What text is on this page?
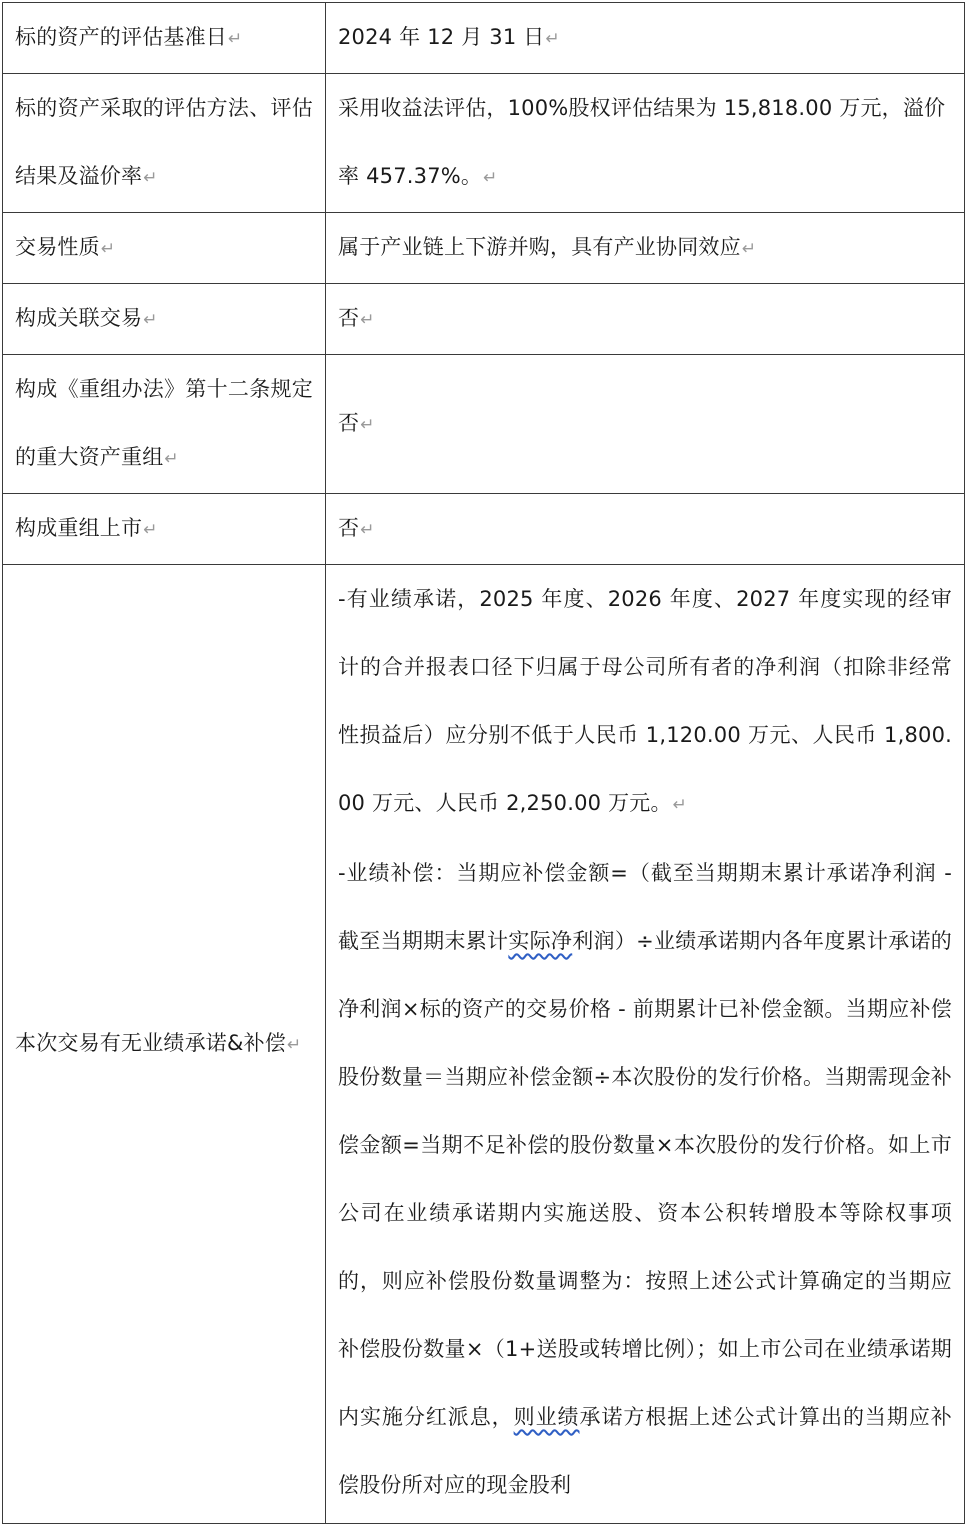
标的资产的评估基准日↵	2024 年 12 月 31 日↵

标的资产采取的评估方法、评估结果及溢价率↵	采用收益法评估，100%股权评估结果为 15,818.00 万元，溢价率 457.37%。↵

交易性质↵	属于产业链上下游并购，具有产业协同效应↵

构成关联交易↵	否↵

构成《重组办法》第十二条规定的重大资产重组↵	否↵

构成重组上市↵	否↵

本次交易有无业绩承诺&补偿↵	-有业绩承诺，2025 年度、2026 年度、2027 年度实现的经审计的合并报表口径下归属于母公司所有者的净利润（扣除非经常性损益后）应分别不低于人民币 1,120.00 万元、人民币 1,800.00 万元、人民币 2,250.00 万元。↵
-业绩补偿：当期应补偿金额=（截至当期期末累计承诺净利润 - 截至当期期末累计实际净利润）÷业绩承诺期内各年度累计承诺的净利润×标的资产的交易价格 - 前期累计已补偿金额。当期应补偿股份数量＝当期应补偿金额÷本次股份的发行价格。当期需现金补偿金额=当期不足补偿的股份数量×本次股份的发行价格。如上市公司在业绩承诺期内实施送股、资本公积转增股本等除权事项的，则应补偿股份数量调整为：按照上述公式计算确定的当期应补偿股份数量×（1+送股或转增比例）；如上市公司在业绩承诺期内实施分红派息，则业绩承诺方根据上述公式计算出的当期应补偿股份所对应的现金股利
